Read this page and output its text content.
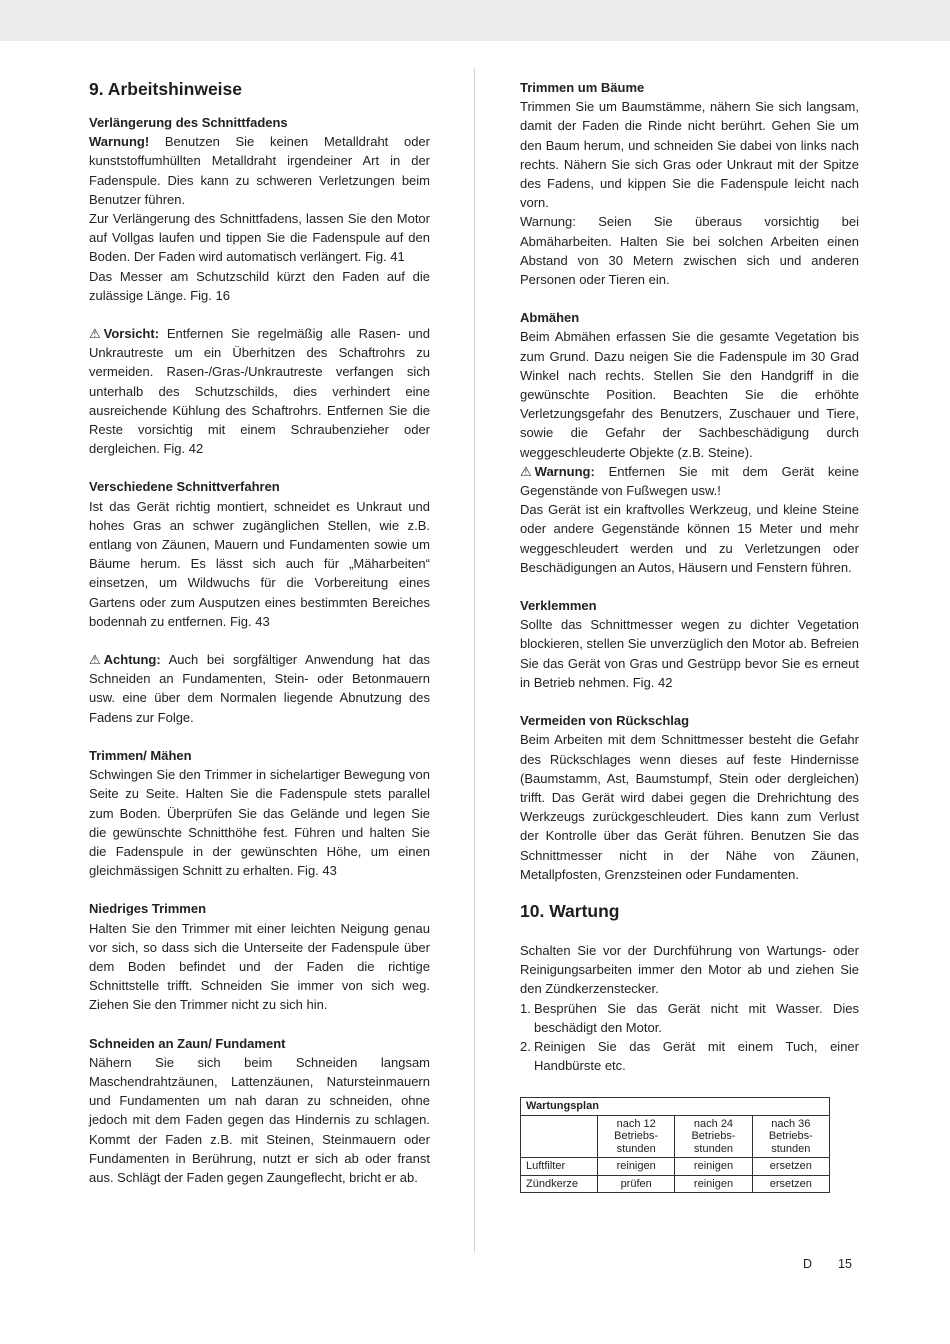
9. Arbeitshinweise
Verlängerung des Schnittfadens

Warnung! Benutzen Sie keinen Metalldraht oder kunststoffumhüllten Metalldraht irgendeiner Art in der Fadenspule. Dies kann zu schweren Verletzungen beim Benutzer führen.

Zur Verlängerung des Schnittfadens, lassen Sie den Motor auf Vollgas laufen und tippen Sie die Fadenspule auf den Boden. Der Faden wird automatisch verlängert. Fig. 41

Das Messer am Schutzschild kürzt den Faden auf die zulässige Länge. Fig. 16

⚠ Vorsicht: Entfernen Sie regelmäßig alle Rasen- und Unkrautreste um ein Überhitzen des Schaftrohrs zu vermeiden. Rasen-/Gras-/Unkrautreste verfangen sich unterhalb des Schutzschilds, dies verhindert eine ausreichende Kühlung des Schaftrohrs. Entfernen Sie die Reste vorsichtig mit einem Schraubenzieher oder dergleichen. Fig. 42

Verschiedene Schnittverfahren

Ist das Gerät richtig montiert, schneidet es Unkraut und hohes Gras an schwer zugänglichen Stellen, wie z.B. entlang von Zäunen, Mauern und Fundamenten sowie um Bäume herum. Es lässt sich auch für „Mäharbeiten“ einsetzen, um Wildwuchs für die Vorbereitung eines Gartens oder zum Ausputzen eines bestimmten Bereiches bodennah zu entfernen. Fig. 43

⚠ Achtung: Auch bei sorgfältiger Anwendung hat das Schneiden an Fundamenten, Stein- oder Betonmauern usw. eine über dem Normalen liegende Abnutzung des Fadens zur Folge.

Trimmen/ Mähen

Schwingen Sie den Trimmer in sichelartiger Bewegung von Seite zu Seite. Halten Sie die Fadenspule stets parallel zum Boden. Überprüfen Sie das Gelände und legen Sie die gewünschte Schnitthöhe fest. Führen und halten Sie die Fadenspule in der gewünschten Höhe, um einen gleichmässigen Schnitt zu erhalten. Fig. 43

Niedriges Trimmen

Halten Sie den Trimmer mit einer leichten Neigung genau vor sich, so dass sich die Unterseite der Fadenspule über dem Boden befindet und der Faden die richtige Schnittstelle trifft. Schneiden Sie immer von sich weg. Ziehen Sie den Trimmer nicht zu sich hin.

Schneiden an Zaun/ Fundament

Nähern Sie sich beim Schneiden langsam Maschendrahtzäunen, Lattenzäunen, Natursteinmauern und Fundamenten um nah daran zu schneiden, ohne jedoch mit dem Faden gegen das Hindernis zu schlagen. Kommt der Faden z.B. mit Steinen, Steinmauern oder Fundamenten in Berührung, nutzt er sich ab oder franst aus. Schlägt der Faden gegen Zaungeflecht, bricht er ab.

Trimmen um Bäume

Trimmen Sie um Baumstämme, nähern Sie sich langsam, damit der Faden die Rinde nicht berührt. Gehen Sie um den Baum herum, und schneiden Sie dabei von links nach rechts. Nähern Sie sich Gras oder Unkraut mit der Spitze des Fadens, und kippen Sie die Fadenspule leicht nach vorn.

Warnung: Seien Sie überaus vorsichtig bei Abmäharbeiten. Halten Sie bei solchen Arbeiten einen Abstand von 30 Metern zwischen sich und anderen Personen oder Tieren ein.

Abmähen

Beim Abmähen erfassen Sie die gesamte Vegetation bis zum Grund. Dazu neigen Sie die Fadenspule im 30 Grad Winkel nach rechts. Stellen Sie den Handgriff in die gewünschte Position. Beachten Sie die erhöhte Verletzungsgefahr des Benutzers, Zuschauer und Tiere, sowie die Gefahr der Sachbeschädigung durch weggeschleuderte Objekte (z.B. Steine).

⚠ Warnung: Entfernen Sie mit dem Gerät keine Gegenstände von Fußwegen usw.!

Das Gerät ist ein kraftvolles Werkzeug, und kleine Steine oder andere Gegenstände können 15 Meter und mehr weggeschleudert werden und zu Verletzungen oder Beschädigungen an Autos, Häusern und Fenstern führen.

Verklemmen

Sollte das Schnittmesser wegen zu dichter Vegetation blockieren, stellen Sie unverzüglich den Motor ab. Befreien Sie das Gerät von Gras und Gestrüpp bevor Sie es erneut in Betrieb nehmen. Fig. 42

Vermeiden von Rückschlag

Beim Arbeiten mit dem Schnittmesser besteht die Gefahr des Rückschlages wenn dieses auf feste Hindernisse (Baumstamm, Ast, Baumstumpf, Stein oder dergleichen) trifft. Das Gerät wird dabei gegen die Drehrichtung des Werkzeugs zurückgeschleudert. Dies kann zum Verlust der Kontrolle über das Gerät führen. Benutzen Sie das Schnittmesser nicht in der Nähe von Zäunen, Metallpfosten, Grenzsteinen oder Fundamenten.

10. Wartung

Schalten Sie vor der Durchführung von Wartungs- oder Reinigungsarbeiten immer den Motor ab und ziehen Sie den Zündkerzenstecker.

1. Besprühen Sie das Gerät nicht mit Wasser. Dies beschädigt den Motor.
2. Reinigen Sie das Gerät mit einem Tuch, einer Handbürste etc.
Wartungsplan			
	nach 12 Betriebs-stunden	nach 24 Betriebs-stunden	nach 36 Betriebs-stunden
Luftfilter	reinigen	reinigen	ersetzen
Zündkerze	prüfen	reinigen	ersetzen
D 15
